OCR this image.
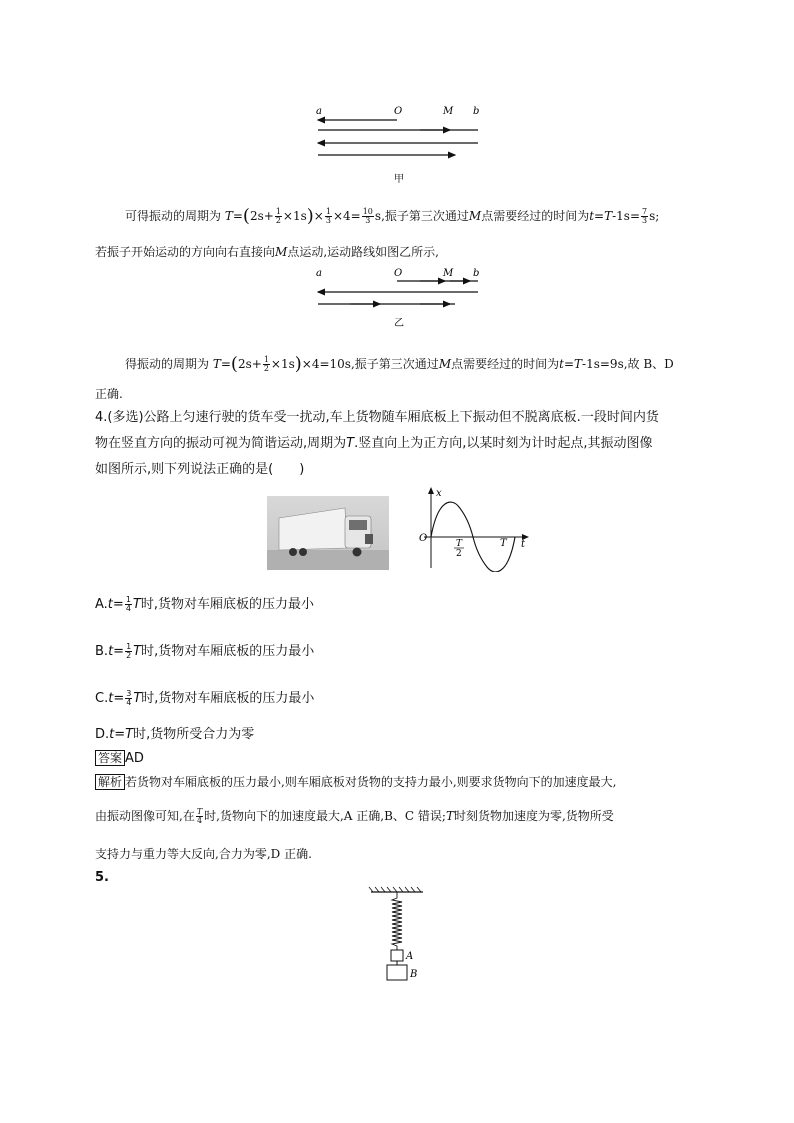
a	O	M b
甲
可得振动的周期为 $T=(2s+ \frac{1}{2} \times 1s)\times \frac{1}{3} \times 4= \frac{10}{3} s$,振子第三次通过M点需要经过的时间为$t=T-1s= \frac{7}{3} s$;
若振子开始运动的方向向右直接向M点运动,运动路线如图乙所示,
a	O	M b
乙
得振动的周期为 $T=(2s+ \frac{1}{2} \times 1s)\times 4=10s$,振子第三次通过M点需要经过的时间为t=T-1s=9s,故 B、D
正确.
4.(多选)公路上匀速行驶的货车受一扰动,车上货物随车厢底板上下振动但不脱离底板.一段时间内货
物在竖直方向的振动可视为简谐运动,周期为T.竖直向上为正方向,以某时刻为计时起点,其振动图像
如图所示,则下列说法正确的是(　　)
x
t
O	T
2
T
$A.t= \frac{1}{4}$ T时,货物对车厢底板的压力最小
$B.t= \frac{1}{2}$ T时,货物对车厢底板的压力最小
$C.t= \frac{3}{4}$ T时,货物对车厢底板的压力最小
D.t=T时,货物所受合力为零
答案 AD
解析 若货物对车厢底板的压力最小,则车厢底板对货物的支持力最小,则要求货物向下的加速度最大,
由振动图像可知,在 $\frac{T}{4}$ 时,货物向下的加速度最大,A 正确,B、C 错误;T时刻货物加速度为零,货物所受
支持力与重力等大反向,合力为零,D 正确.
5.
A
B
